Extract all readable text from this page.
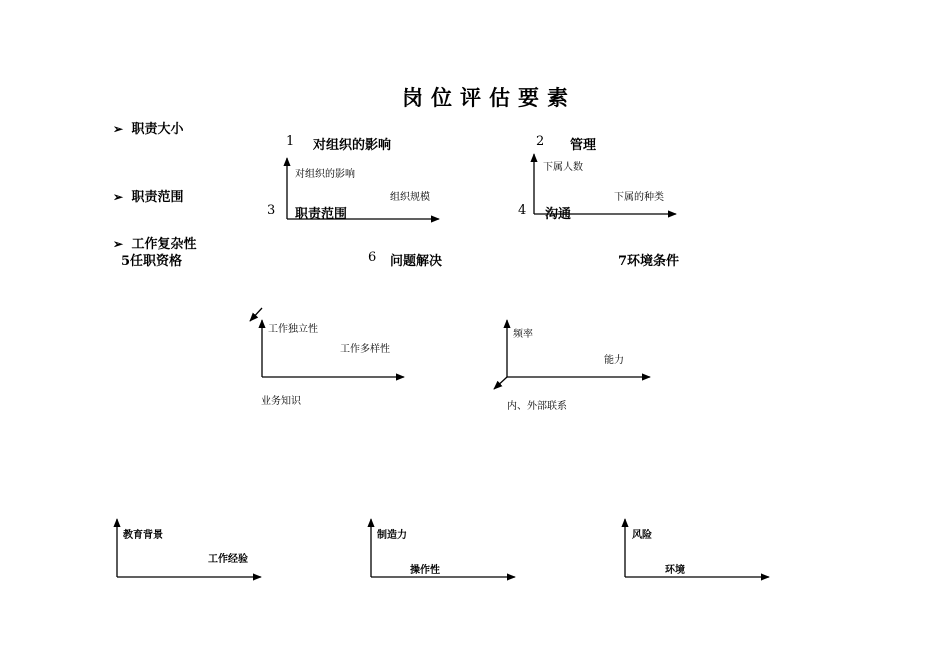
岗位评估要素
➢ 职责大小
➢ 职责范围
➢ 工作复杂性
1 对组织的影响	2 管理
3 职责范围	4 沟通
5任职资格	6 问题解决	7环境条件
对组织的影响
组织规模
下属人数
下属的种类
工作独立性
工作多样性
业务知识
频率
能力
内、外部联系
教育背景
工作经验
制造力
操作性
风险
环境
